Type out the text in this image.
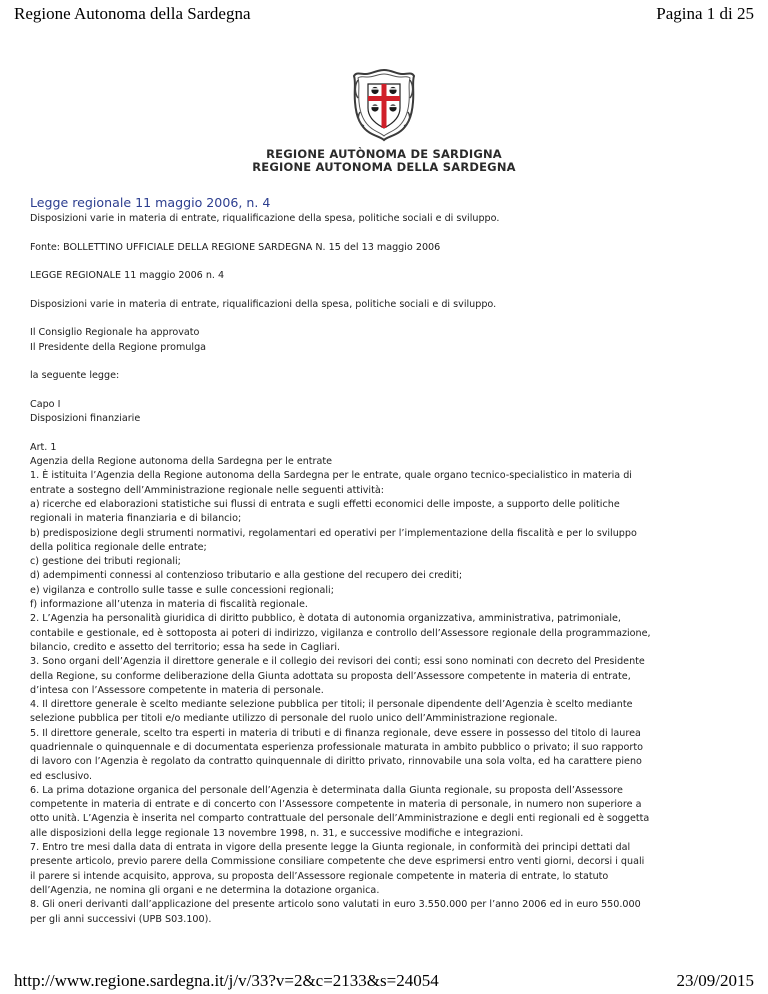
Regione Autonoma della Sardegna	Pagina 1 di 25
REGIONE AUTÒNOMA DE SARDIGNA
REGIONE AUTONOMA DELLA SARDEGNA
Legge regionale 11 maggio 2006, n. 4
Disposizioni varie in materia di entrate, riqualificazione della spesa, politiche sociali e di sviluppo.
Fonte: BOLLETTINO UFFICIALE DELLA REGIONE SARDEGNA N. 15 del 13 maggio 2006
LEGGE REGIONALE 11 maggio 2006 n. 4
Disposizioni varie in materia di entrate, riqualificazioni della spesa, politiche sociali e di sviluppo.
Il Consiglio Regionale ha approvato
Il Presidente della Regione promulga
la seguente legge:
Capo I
Disposizioni finanziarie
Art. 1
Agenzia della Regione autonoma della Sardegna per le entrate
1. È istituita l’Agenzia della Regione autonoma della Sardegna per le entrate, quale organo tecnico-specialistico in materia di
entrate a sostegno dell’Amministrazione regionale nelle seguenti attività:
a) ricerche ed elaborazioni statistiche sui flussi di entrata e sugli effetti economici delle imposte, a supporto delle politiche
regionali in materia finanziaria e di bilancio;
b) predisposizione degli strumenti normativi, regolamentari ed operativi per l’implementazione della fiscalità e per lo sviluppo
della politica regionale delle entrate;
c) gestione dei tributi regionali;
d) adempimenti connessi al contenzioso tributario e alla gestione del recupero dei crediti;
e) vigilanza e controllo sulle tasse e sulle concessioni regionali;
f) informazione all’utenza in materia di fiscalità regionale.
2. L’Agenzia ha personalità giuridica di diritto pubblico, è dotata di autonomia organizzativa, amministrativa, patrimoniale,
contabile e gestionale, ed è sottoposta ai poteri di indirizzo, vigilanza e controllo dell’Assessore regionale della programmazione,
bilancio, credito e assetto del territorio; essa ha sede in Cagliari.
3. Sono organi dell’Agenzia il direttore generale e il collegio dei revisori dei conti; essi sono nominati con decreto del Presidente
della Regione, su conforme deliberazione della Giunta adottata su proposta dell’Assessore competente in materia di entrate,
d’intesa con l’Assessore competente in materia di personale.
4. Il direttore generale è scelto mediante selezione pubblica per titoli; il personale dipendente dell’Agenzia è scelto mediante
selezione pubblica per titoli e/o mediante utilizzo di personale del ruolo unico dell’Amministrazione regionale.
5. Il direttore generale, scelto tra esperti in materia di tributi e di finanza regionale, deve essere in possesso del titolo di laurea
quadriennale o quinquennale e di documentata esperienza professionale maturata in ambito pubblico o privato; il suo rapporto
di lavoro con l’Agenzia è regolato da contratto quinquennale di diritto privato, rinnovabile una sola volta, ed ha carattere pieno
ed esclusivo.
6. La prima dotazione organica del personale dell’Agenzia è determinata dalla Giunta regionale, su proposta dell’Assessore
competente in materia di entrate e di concerto con l’Assessore competente in materia di personale, in numero non superiore a
otto unità. L’Agenzia è inserita nel comparto contrattuale del personale dell’Amministrazione e degli enti regionali ed è soggetta
alle disposizioni della legge regionale 13 novembre 1998, n. 31, e successive modifiche e integrazioni.
7. Entro tre mesi dalla data di entrata in vigore della presente legge la Giunta regionale, in conformità dei principi dettati dal
presente articolo, previo parere della Commissione consiliare competente che deve esprimersi entro venti giorni, decorsi i quali
il parere si intende acquisito, approva, su proposta dell’Assessore regionale competente in materia di entrate, lo statuto
dell’Agenzia, ne nomina gli organi e ne determina la dotazione organica.
8. Gli oneri derivanti dall’applicazione del presente articolo sono valutati in euro 3.550.000 per l’anno 2006 ed in euro 550.000
per gli anni successivi (UPB S03.100).
http://www.regione.sardegna.it/j/v/33?v=2&c=2133&s=24054	23/09/2015
